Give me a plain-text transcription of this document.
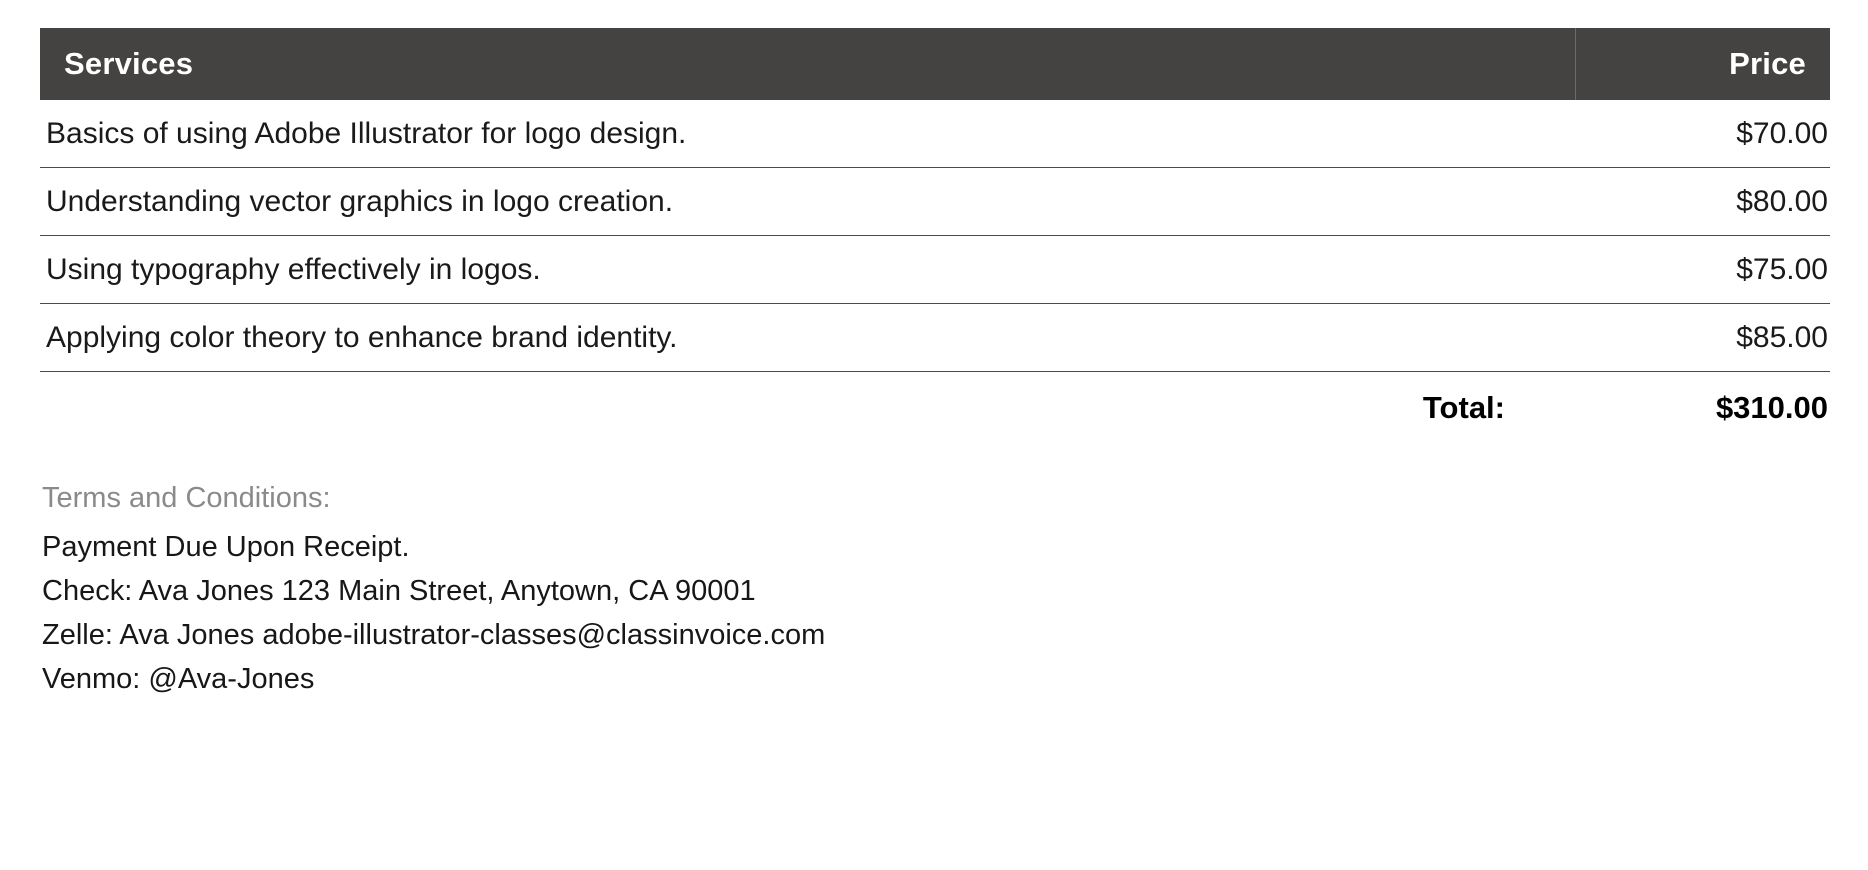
Services	Price
Basics of using Adobe Illustrator for logo design.	$70.00
Understanding vector graphics in logo creation.	$80.00
Using typography effectively in logos.	$75.00
Applying color theory to enhance brand identity.	$85.00
Total:	$310.00
Terms and Conditions:
Payment Due Upon Receipt.
Check: Ava Jones 123 Main Street, Anytown, CA 90001
Zelle: Ava Jones adobe-illustrator-classes@classinvoice.com
Venmo: @Ava-Jones
